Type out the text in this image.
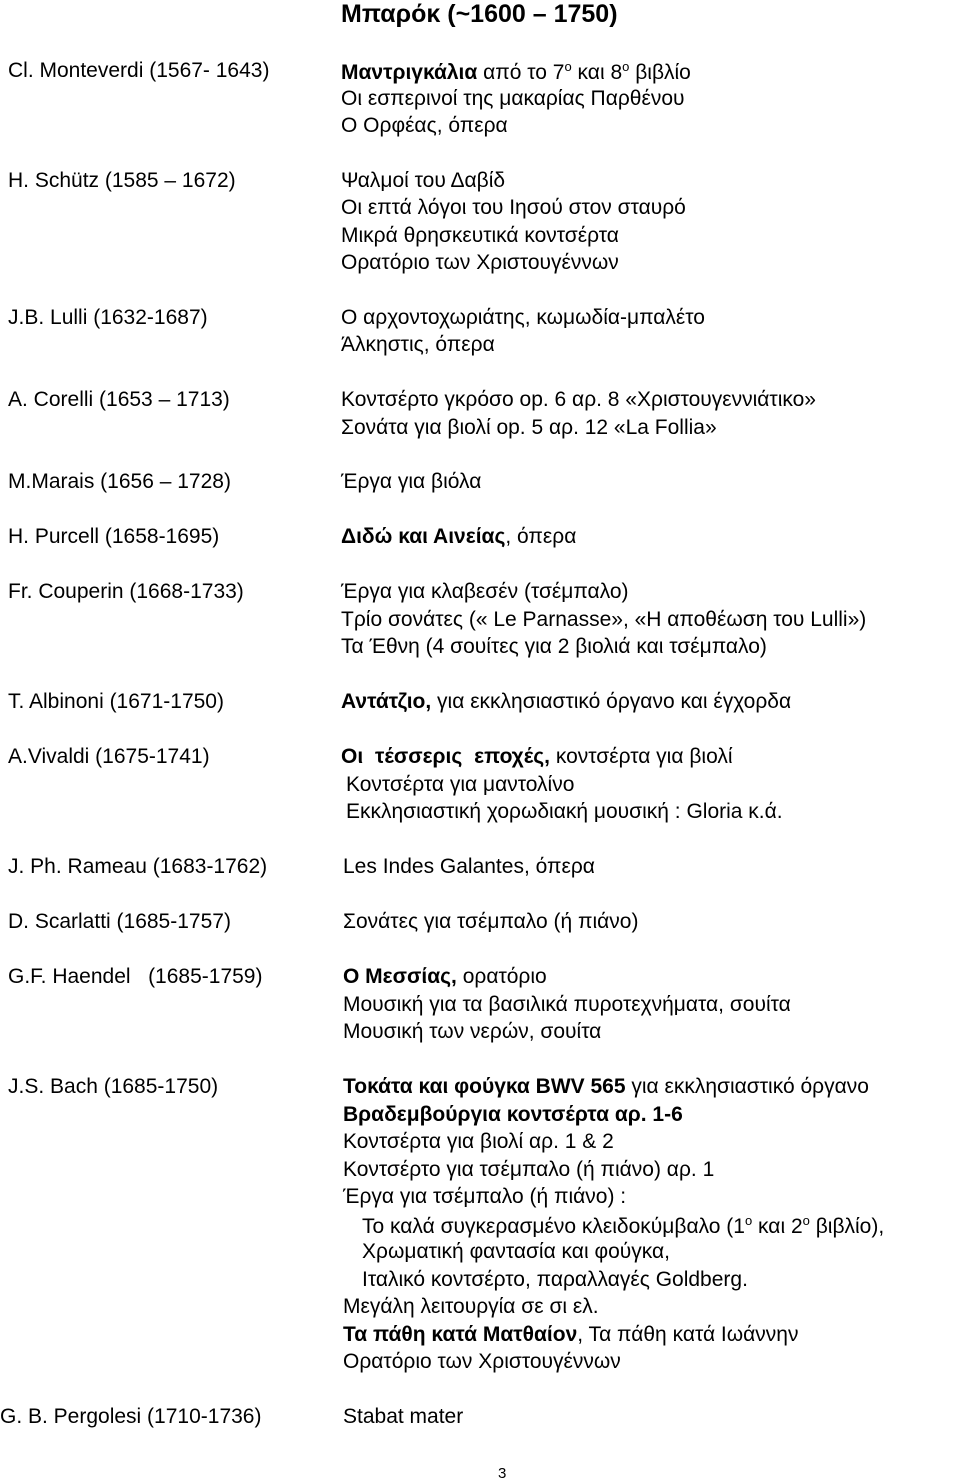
Μπαρόκ (~1600 – 1750)
Cl. Monteverdi (1567- 1643)	Μαντριγκάλια από το $7^o$ και $8^o$ βιβλίο
Οι εσπερινοί της μακαρίας Παρθένου
Ο Ορφέας, όπερα
H. Schütz (1585 – 1672)	Ψαλμοί του Δαβίδ
Οι επτά λόγοι του Ιησού στον σταυρό
Μικρά θρησκευτικά κοντσέρτα
Ορατόριο των Χριστουγέννων
J.B. Lulli (1632-1687)	Ο αρχοντοχωριάτης, κωμωδία-μπαλέτο
Άλκηστις, όπερα
A. Corelli (1653 – 1713)	Κοντσέρτο γκρόσο op. 6 αρ. 8 «Χριστουγεννιάτικο»
Σονάτα για βιολί op. 5 αρ. 12 «La Follia»
M.Marais (1656 – 1728)	Έργα για βιόλα
H. Purcell (1658-1695)	Διδώ και Αινείας, όπερα
Fr. Couperin (1668-1733)	Έργα για κλαβεσέν (τσέμπαλο)
Τρίο σονάτες (« Le Parnasse», «Η αποθέωση του Lulli»)
Τα Έθνη (4 σουίτες για 2 βιολιά και τσέμπαλο)
T. Albinoni (1671-1750)	Αντάτζιο, για εκκλησιαστικό όργανο και έγχορδα
A.Vivaldi (1675-1741)	Οι τέσσερις εποχές, κοντσέρτα για βιολί
Κοντσέρτα για μαντολίνο
Εκκλησιαστική χορωδιακή μουσική : Gloria κ.ά.
J. Ph. Rameau (1683-1762)	Les Indes Galantes, όπερα
D. Scarlatti (1685-1757)	Σονάτες για τσέμπαλο (ή πιάνο)
G.F. Haendel   (1685-1759)	Ο Μεσσίας, ορατόριο
Μουσική για τα βασιλικά πυροτεχνήματα, σουίτα
Μουσική των νερών, σουίτα
J.S. Bach (1685-1750)	Τοκάτα και φούγκα BWV 565 για εκκλησιαστικό όργανο
Βραδεμβούργια κοντσέρτα αρ. 1-6
Κοντσέρτα για βιολί αρ. 1 & 2
Κοντσέρτο για τσέμπαλο (ή πιάνο) αρ. 1
Έργα για τσέμπαλο (ή πιάνο) :
Το καλά συγκερασμένο κλειδοκύμβαλο ($1^o$ και $2^o$ βιβλίο),
Χρωματική φαντασία και φούγκα,
Ιταλικό κοντσέρτο, παραλλαγές Goldberg.
Μεγάλη λειτουργία σε σι ελ.
Τα πάθη κατά Ματθαίον, Τα πάθη κατά Ιωάννην
Ορατόριο των Χριστουγέννων
G. B. Pergolesi (1710-1736)	Stabat mater
3
